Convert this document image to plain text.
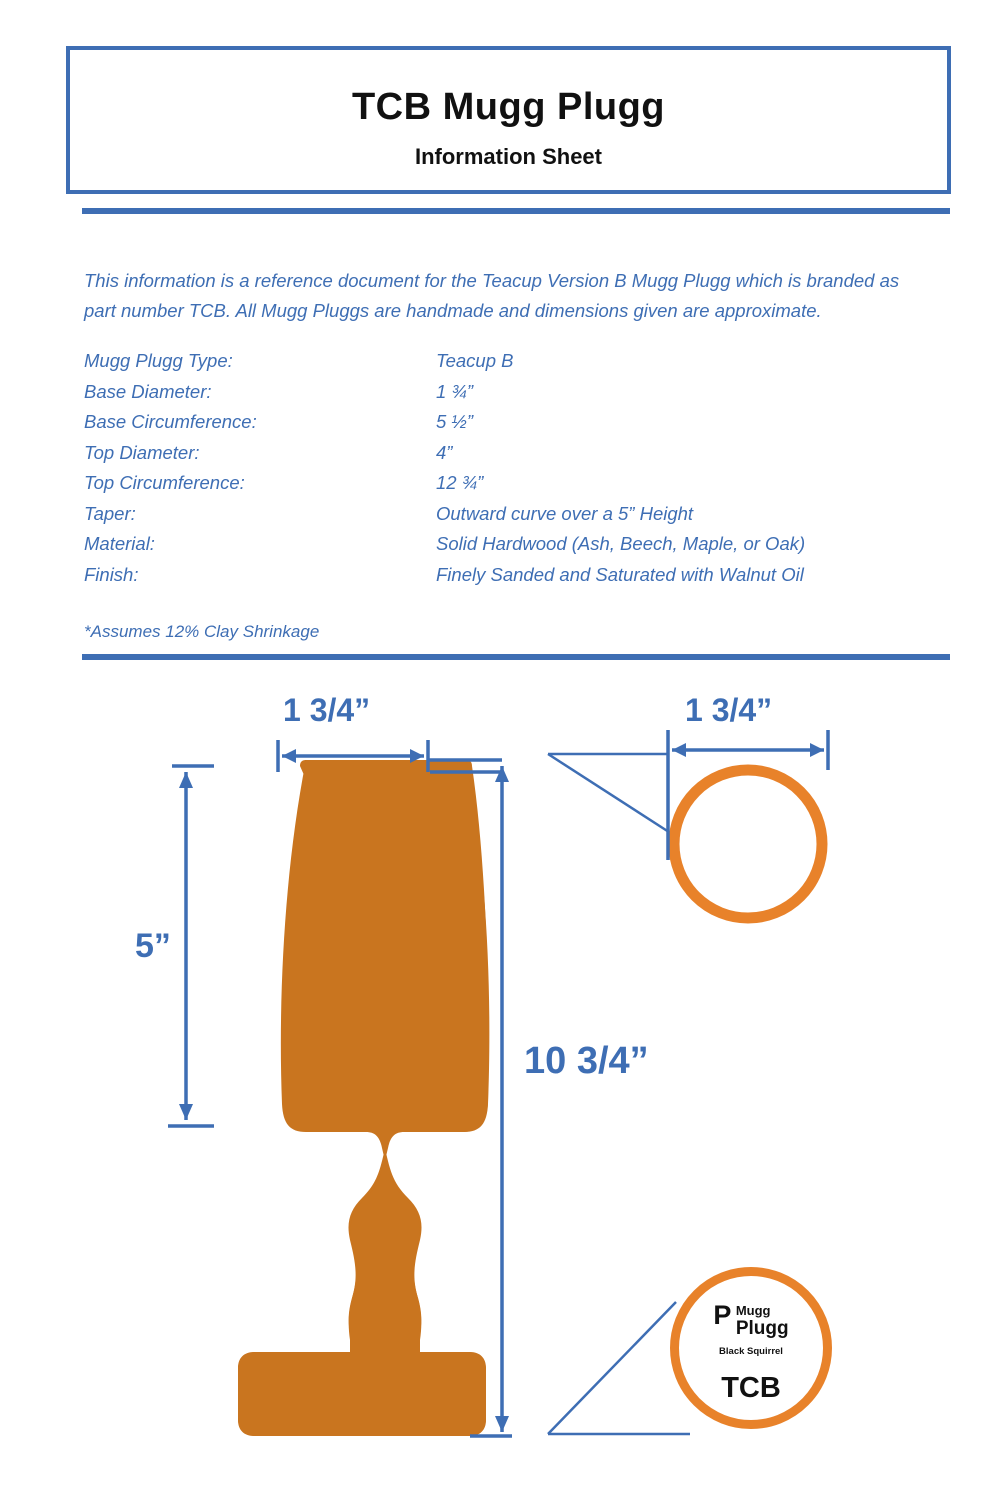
TCB Mugg Plugg
Information Sheet
This information is a reference document for the Teacup Version B Mugg Plugg which is branded as part number TCB. All Mugg Pluggs are handmade and dimensions given are approximate.
Mugg Plugg Type:	Teacup B
Base Diameter:	1 ¾”
Base Circumference:	5 ½”
Top Diameter:	4”
Top Circumference:	12 ¾”
Taper:	Outward curve over a 5” Height
Material:	Solid Hardwood (Ash, Beech, Maple, or Oak)
Finish:	Finely Sanded and Saturated with Walnut Oil
*Assumes 12% Clay Shrinkage
1 3/4”
5”
10 3/4”
1 3/4”
P Mugg
Plugg
Black Squirrel
TCB
